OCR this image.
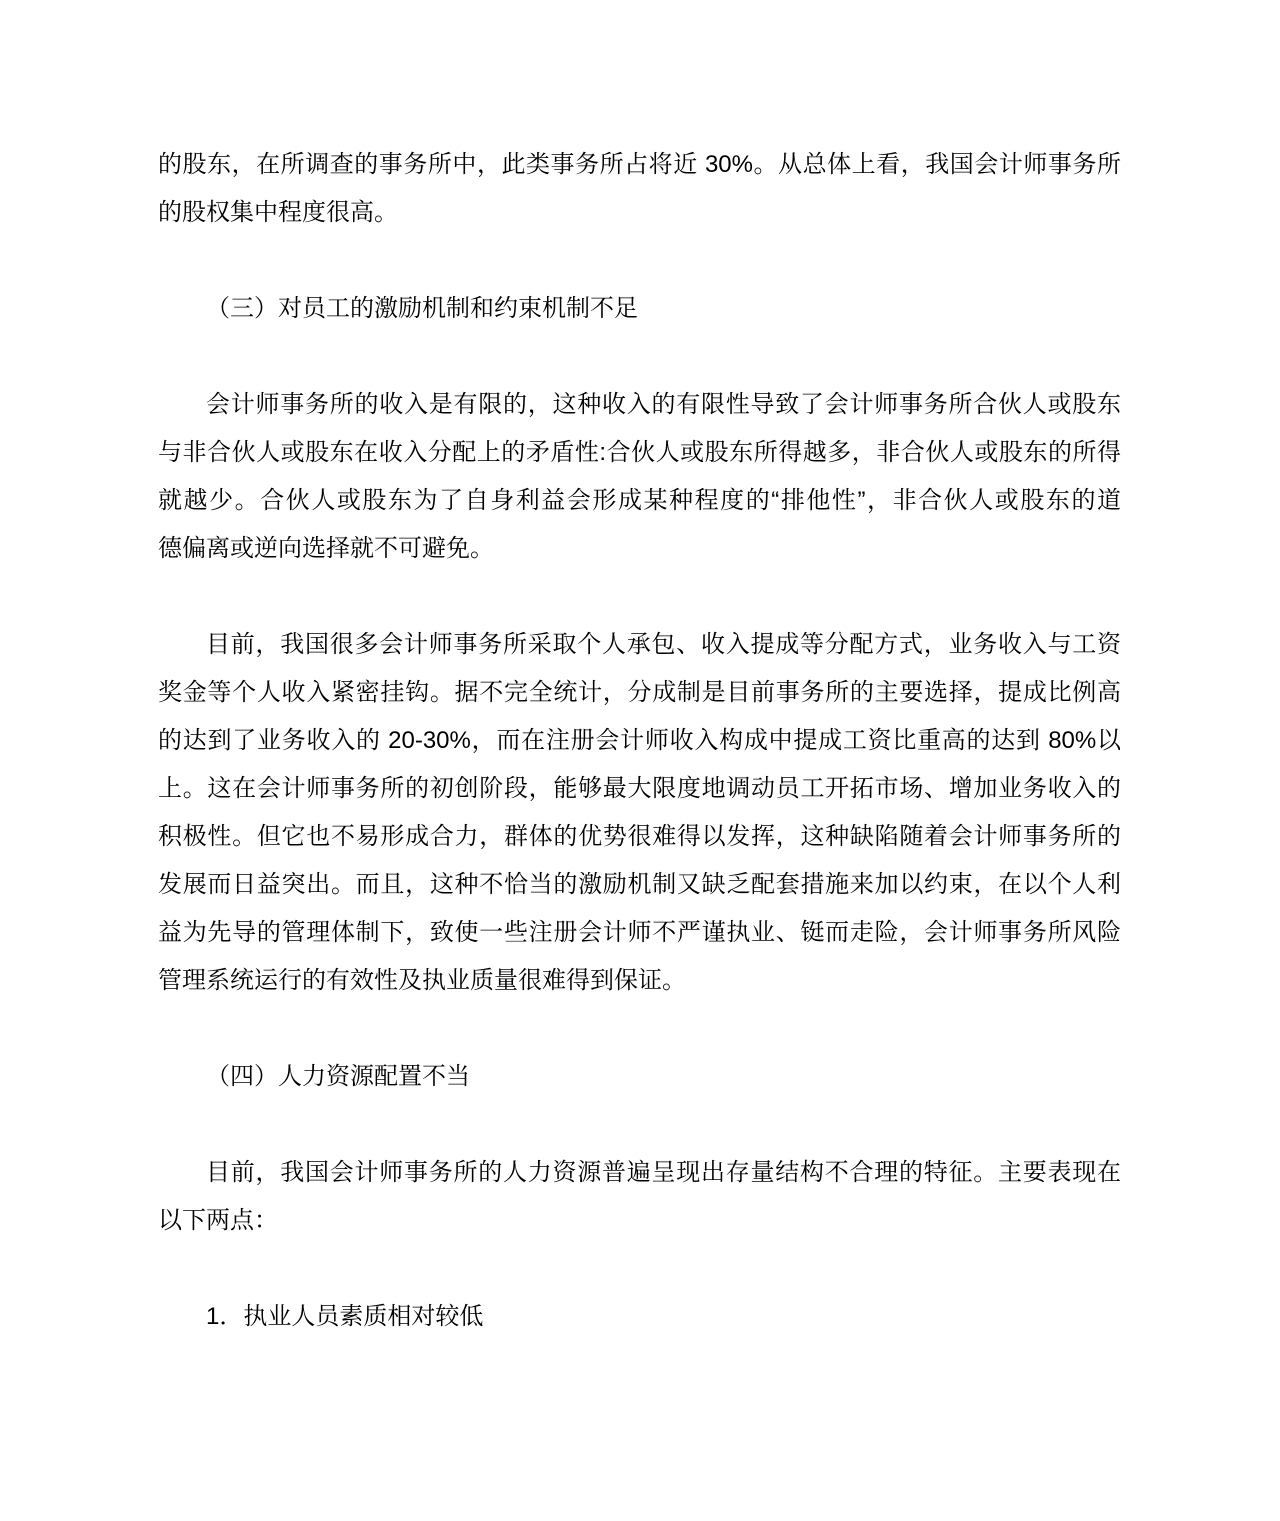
的股东，在所调查的事务所中，此类事务所占将近 30%。从总体上看，我国会计师事务所
的股权集中程度很高。
（三）对员工的激励机制和约束机制不足
会计师事务所的收入是有限的，这种收入的有限性导致了会计师事务所合伙人或股东
与非合伙人或股东在收入分配上的矛盾性:合伙人或股东所得越多，非合伙人或股东的所得
就越少。合伙人或股东为了自身利益会形成某种程度的“排他性”，非合伙人或股东的道
德偏离或逆向选择就不可避免。
目前，我国很多会计师事务所采取个人承包、收入提成等分配方式，业务收入与工资
奖金等个人收入紧密挂钩。据不完全统计，分成制是目前事务所的主要选择，提成比例高
的达到了业务收入的 20-30%，而在注册会计师收入构成中提成工资比重高的达到 80%以
上。这在会计师事务所的初创阶段，能够最大限度地调动员工开拓市场、增加业务收入的
积极性。但它也不易形成合力，群体的优势很难得以发挥，这种缺陷随着会计师事务所的
发展而日益突出。而且，这种不恰当的激励机制又缺乏配套措施来加以约束，在以个人利
益为先导的管理体制下，致使一些注册会计师不严谨执业、铤而走险，会计师事务所风险
管理系统运行的有效性及执业质量很难得到保证。
（四）人力资源配置不当
目前，我国会计师事务所的人力资源普遍呈现出存量结构不合理的特征。主要表现在
以下两点：
1．执业人员素质相对较低
